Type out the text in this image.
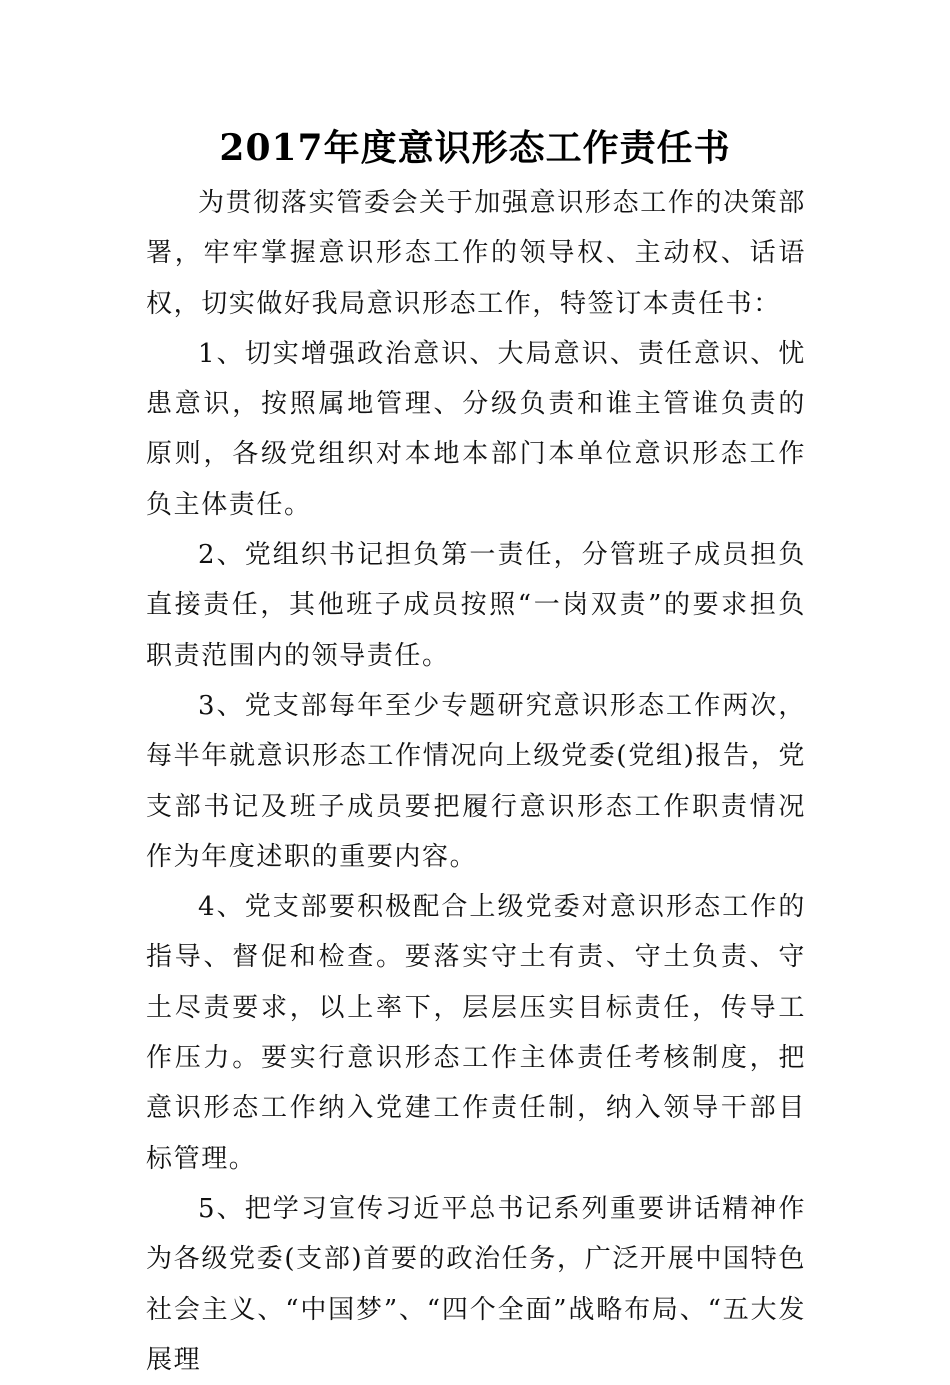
2017年度意识形态工作责任书

为贯彻落实管委会关于加强意识形态工作的决策部署，牢牢掌握意识形态工作的领导权、主动权、话语权，切实做好我局意识形态工作，特签订本责任书：

1、切实增强政治意识、大局意识、责任意识、忧患意识，按照属地管理、分级负责和谁主管谁负责的原则，各级党组织对本地本部门本单位意识形态工作负主体责任。

2、党组织书记担负第一责任，分管班子成员担负直接责任，其他班子成员按照“一岗双责”的要求担负职责范围内的领导责任。

3、党支部每年至少专题研究意识形态工作两次，每半年就意识形态工作情况向上级党委(党组)报告，党支部书记及班子成员要把履行意识形态工作职责情况作为年度述职的重要内容。

4、党支部要积极配合上级党委对意识形态工作的指导、督促和检查。要落实守土有责、守土负责、守土尽责要求，以上率下，层层压实目标责任，传导工作压力。要实行意识形态工作主体责任考核制度，把意识形态工作纳入党建工作责任制，纳入领导干部目标管理。

5、把学习宣传习近平总书记系列重要讲话精神作为各级党委(支部)首要的政治任务，广泛开展中国特色社会主义、“中国梦”、“四个全面”战略布局、“五大发展理
